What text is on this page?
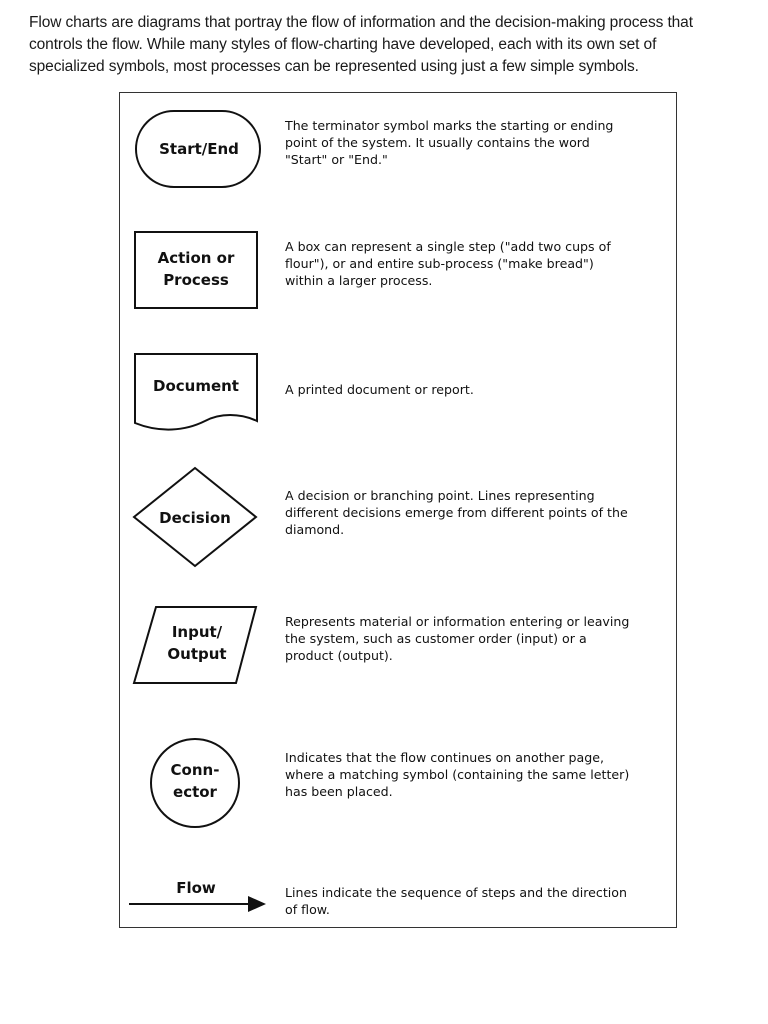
Flow charts are diagrams that portray the flow of information and the decision-making process that
controls the flow. While many styles of flow-charting have developed, each with its own set of
specialized symbols, most processes can be represented using just a few simple symbols.
Start/End
The terminator symbol marks the starting or ending
point of the system. It usually contains the word
"Start" or "End."
Action or
Process
A box can represent a single step ("add two cups of
flour"), or and entire sub-process ("make bread")
within a larger process.
Document	A printed document or report.
Decision
A decision or branching point. Lines representing
different decisions emerge from different points of the
diamond.
Input/
Output
Represents material or information entering or leaving
the system, such as customer order (input) or a
product (output).
Conn-
ector
Indicates that the flow continues on another page,
where a matching symbol (containing the same letter)
has been placed.
Flow	Lines indicate the sequence of steps and the direction
of flow.
